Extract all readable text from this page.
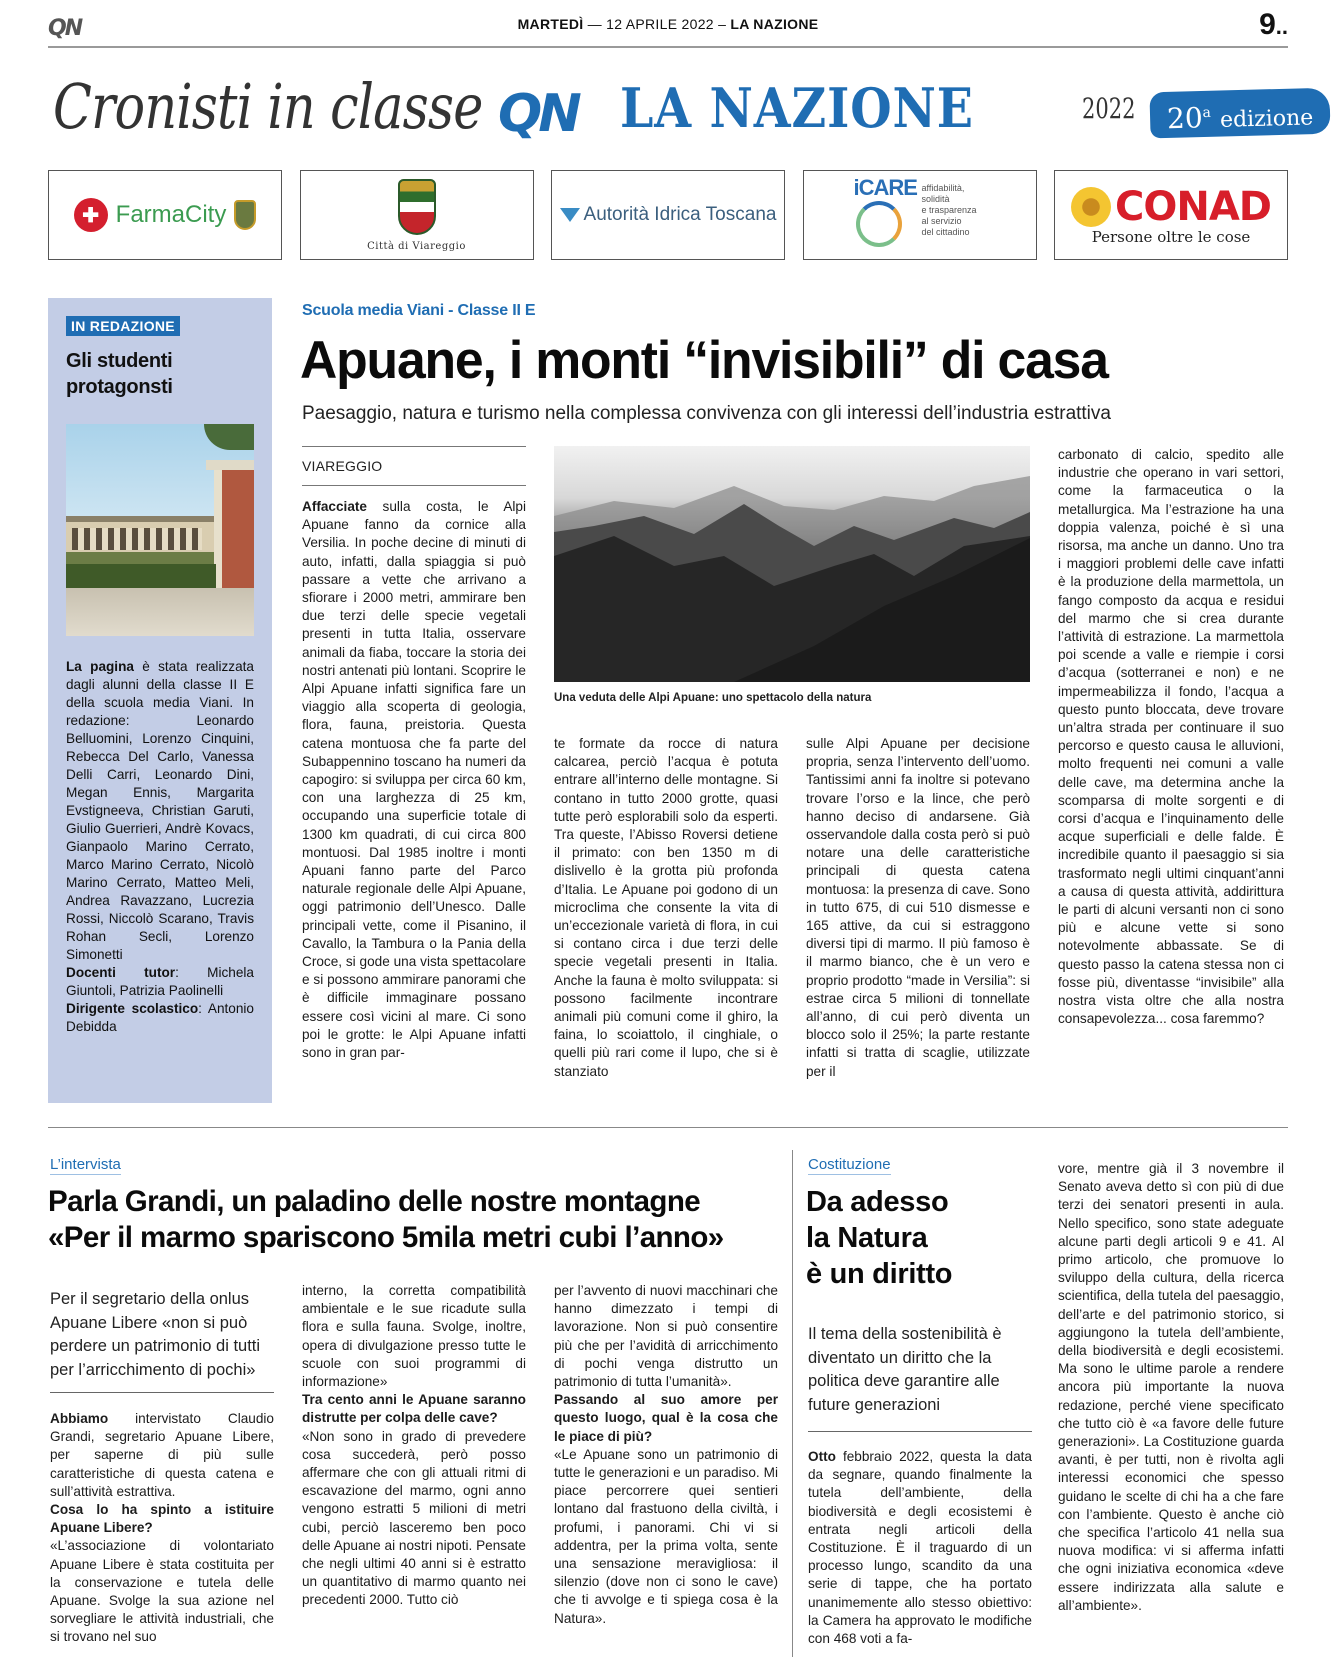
QN	MARTEDÌ — 12 APRILE 2022 – LA NAZIONE	9..
Cronisti in classe QN LA NAZIONE	2022	20$^a$ edizione
✚ FarmaCity
Città di Viareggio
Autorità Idrica Toscana
iCARE affidabilità,
solidità
e trasparenza
al servizio
del cittadino
CONAD
Persone oltre le cose
IN REDAZIONE
Gli studenti
protagonsti
La pagina è stata realizzata dagli alunni della classe II E della scuola media Viani. In redazione: Leonardo Belluomini, Lorenzo Cinquini, Rebecca Del Carlo, Vanessa Delli Carri, Leonardo Dini, Megan Ennis, Margarita Evstigneeva, Christian Garuti, Giulio Guerrieri, Andrè Kovacs, Gianpaolo Marino Cerrato, Marco Marino Cerrato, Nicolò Marino Cerrato, Matteo Meli, Andrea Ravazzano, Lucrezia Rossi, Niccolò Scarano, Travis Rohan Secli, Lorenzo Simonetti
Docenti tutor: Michela Giuntoli, Patrizia Paolinelli
Dirigente scolastico: Antonio Debidda
Scuola media Viani - Classe II E
Apuane, i monti “invisibili” di casa
Paesaggio, natura e turismo nella complessa convivenza con gli interessi dell’industria estrattiva
VIAREGGIO
Affacciate sulla costa, le Alpi Apuane fanno da cornice alla Versilia. In poche decine di minuti di auto, infatti, dalla spiaggia si può passare a vette che arrivano a sfiorare i 2000 metri, ammirare ben due terzi delle specie vegetali presenti in tutta Italia, osservare animali da fiaba, toccare la storia dei nostri antenati più lontani. Scoprire le Alpi Apuane infatti significa fare un viaggio alla scoperta di geologia, flora, fauna, preistoria. Questa catena montuosa che fa parte del Subappennino toscano ha numeri da capogiro: si sviluppa per circa 60 km, con una larghezza di 25 km, occupando una superficie totale di 1300 km quadrati, di cui circa 800 montuosi. Dal 1985 inoltre i monti Apuani fanno parte del Parco naturale regionale delle Alpi Apuane, oggi patrimonio dell’Unesco. Dalle principali vette, come il Pisanino, il Cavallo, la Tambura o la Pania della Croce, si gode una vista spettacolare e si possono ammirare panorami che è difficile immaginare possano essere così vicini al mare. Ci sono poi le grotte: le Alpi Apuane infatti sono in gran par-
Una veduta delle Alpi Apuane: uno spettacolo della natura
te formate da rocce di natura calcarea, perciò l’acqua è potuta entrare all’interno delle montagne. Si contano in tutto 2000 grotte, quasi tutte però esplorabili solo da esperti. Tra queste, l’Abisso Roversi detiene il primato: con ben 1350 m di dislivello è la grotta più profonda d’Italia. Le Apuane poi godono di un microclima che consente la vita di un’eccezionale varietà di flora, in cui si contano circa i due terzi delle specie vegetali presenti in Italia. Anche la fauna è molto sviluppata: si possono facilmente incontrare animali più comuni come il ghiro, la faina, lo scoiattolo, il cinghiale, o quelli più rari come il lupo, che si è stanziato
sulle Alpi Apuane per decisione propria, senza l’intervento dell’uomo. Tantissimi anni fa inoltre si potevano trovare l’orso e la lince, che però hanno deciso di andarsene. Già osservandole dalla costa però si può notare una delle caratteristiche principali di questa catena montuosa: la presenza di cave. Sono in tutto 675, di cui 510 dismesse e 165 attive, da cui si estraggono diversi tipi di marmo. Il più famoso è il marmo bianco, che è un vero e proprio prodotto “made in Versilia”: si estrae circa 5 milioni di tonnellate all’anno, di cui però diventa un blocco solo il 25%; la parte restante infatti si tratta di scaglie, utilizzate per il
carbonato di calcio, spedito alle industrie che operano in vari settori, come la farmaceutica o la metallurgica. Ma l’estrazione ha una doppia valenza, poiché è sì una risorsa, ma anche un danno. Uno tra i maggiori problemi delle cave infatti è la produzione della marmettola, un fango composto da acqua e residui del marmo che si crea durante l’attività di estrazione. La marmettola poi scende a valle e riempie i corsi d’acqua (sotterranei e non) e ne impermeabilizza il fondo, l’acqua a questo punto bloccata, deve trovare un’altra strada per continuare il suo percorso e questo causa le alluvioni, molto frequenti nei comuni a valle delle cave, ma determina anche la scomparsa di molte sorgenti e di corsi d’acqua e l’inquinamento delle acque superficiali e delle falde. È incredibile quanto il paesaggio si sia trasformato negli ultimi cinquant’anni a causa di questa attività, addirittura le parti di alcuni versanti non ci sono più e alcune vette si sono notevolmente abbassate. Se di questo passo la catena stessa non ci fosse più, diventasse “invisibile” alla nostra vista oltre che alla nostra consapevolezza... cosa faremmo?
L’intervista
Parla Grandi, un paladino delle nostre montagne
«Per il marmo spariscono 5mila metri cubi l’anno»
Per il segretario della onlus Apuane Libere «non si può perdere un patrimonio di tutti per l’arricchimento di pochi»
Abbiamo intervistato Claudio Grandi, segretario Apuane Libere, per saperne di più sulle caratteristiche di questa catena e sull’attività estrattiva.
Cosa lo ha spinto a istituire Apuane Libere?
«L’associazione di volontariato Apuane Libere è stata costituita per la conservazione e tutela delle Apuane. Svolge la sua azione nel sorvegliare le attività industriali, che si trovano nel suo
interno, la corretta compatibilità ambientale e le sue ricadute sulla flora e sulla fauna. Svolge, inoltre, opera di divulgazione presso tutte le scuole con suoi programmi di informazione»
Tra cento anni le Apuane saranno distrutte per colpa delle cave?
«Non sono in grado di prevedere cosa succederà, però posso affermare che con gli attuali ritmi di escavazione del marmo, ogni anno vengono estratti 5 milioni di metri cubi, perciò lasceremo ben poco delle Apuane ai nostri nipoti. Pensate che negli ultimi 40 anni si è estratto un quantitativo di marmo quanto nei precedenti 2000. Tutto ciò
per l’avvento di nuovi macchinari che hanno dimezzato i tempi di lavorazione. Non si può consentire più che per l’avidità di arricchimento di pochi venga distrutto un patrimonio di tutta l’umanità».
Passando al suo amore per questo luogo, qual è la cosa che le piace di più?
«Le Apuane sono un patrimonio di tutte le generazioni e un paradiso. Mi piace percorrere quei sentieri lontano dal frastuono della civiltà, i profumi, i panorami. Chi vi si addentra, per la prima volta, sente una sensazione meravigliosa: il silenzio (dove non ci sono le cave) che ti avvolge e ti spiega cosa è la Natura».
Costituzione
Da adesso
la Natura
è un diritto
Il tema della sostenibilità è diventato un diritto che la politica deve garantire alle future generazioni
Otto febbraio 2022, questa la data da segnare, quando finalmente la tutela dell’ambiente, della biodiversità e degli ecosistemi è entrata negli articoli della Costituzione. È il traguardo di un processo lungo, scandito da una serie di tappe, che ha portato unanimemente allo stesso obiettivo: la Camera ha approvato le modifiche con 468 voti a fa-
vore, mentre già il 3 novembre il Senato aveva detto sì con più di due terzi dei senatori presenti in aula. Nello specifico, sono state adeguate alcune parti degli articoli 9 e 41. Al primo articolo, che promuove lo sviluppo della cultura, della ricerca scientifica, della tutela del paesaggio, dell’arte e del patrimonio storico, si aggiungono la tutela dell’ambiente, della biodiversità e degli ecosistemi. Ma sono le ultime parole a rendere ancora più importante la nuova redazione, perché viene specificato che tutto ciò è «a favore delle future generazioni». La Costituzione guarda avanti, è per tutti, non è rivolta agli interessi economici che spesso guidano le scelte di chi ha a che fare con l’ambiente. Questo è anche ciò che specifica l’articolo 41 nella sua nuova modifica: vi si afferma infatti che ogni iniziativa economica «deve essere indirizzata alla salute e all’ambiente».
